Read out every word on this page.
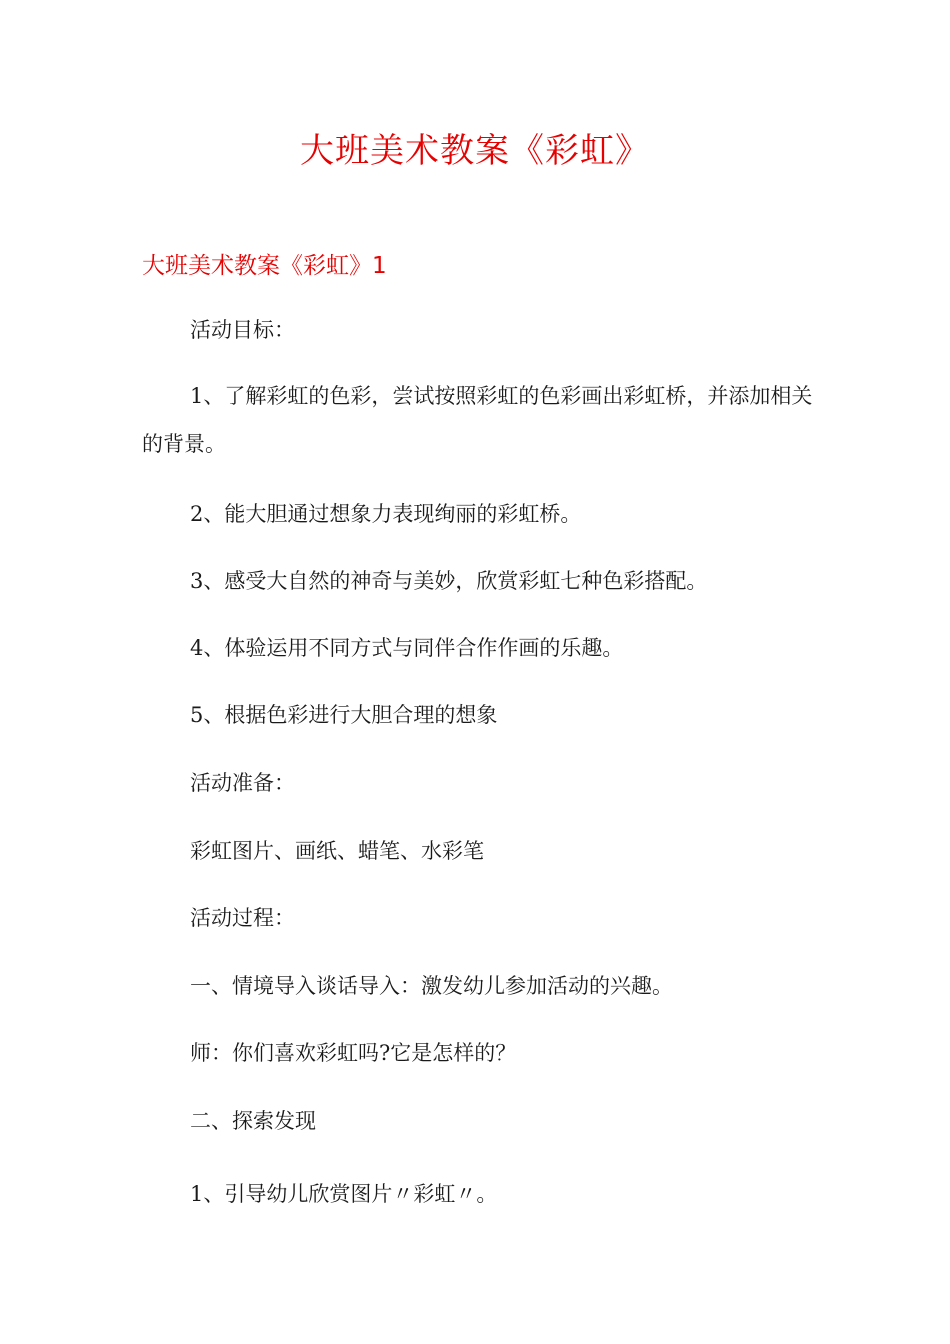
大班美术教案《彩虹》
大班美术教案《彩虹》1

活动目标：

1、了解彩虹的色彩，尝试按照彩虹的色彩画出彩虹桥，并添加相关的背景。

2、能大胆通过想象力表现绚丽的彩虹桥。

3、感受大自然的神奇与美妙，欣赏彩虹七种色彩搭配。

4、体验运用不同方式与同伴合作作画的乐趣。

5、根据色彩进行大胆合理的想象

活动准备：

彩虹图片、画纸、蜡笔、水彩笔

活动过程：

一、情境导入谈话导入：激发幼儿参加活动的兴趣。

师：你们喜欢彩虹吗?它是怎样的？

二、探索发现

1、引导幼儿欣赏图片〃彩虹〃。
